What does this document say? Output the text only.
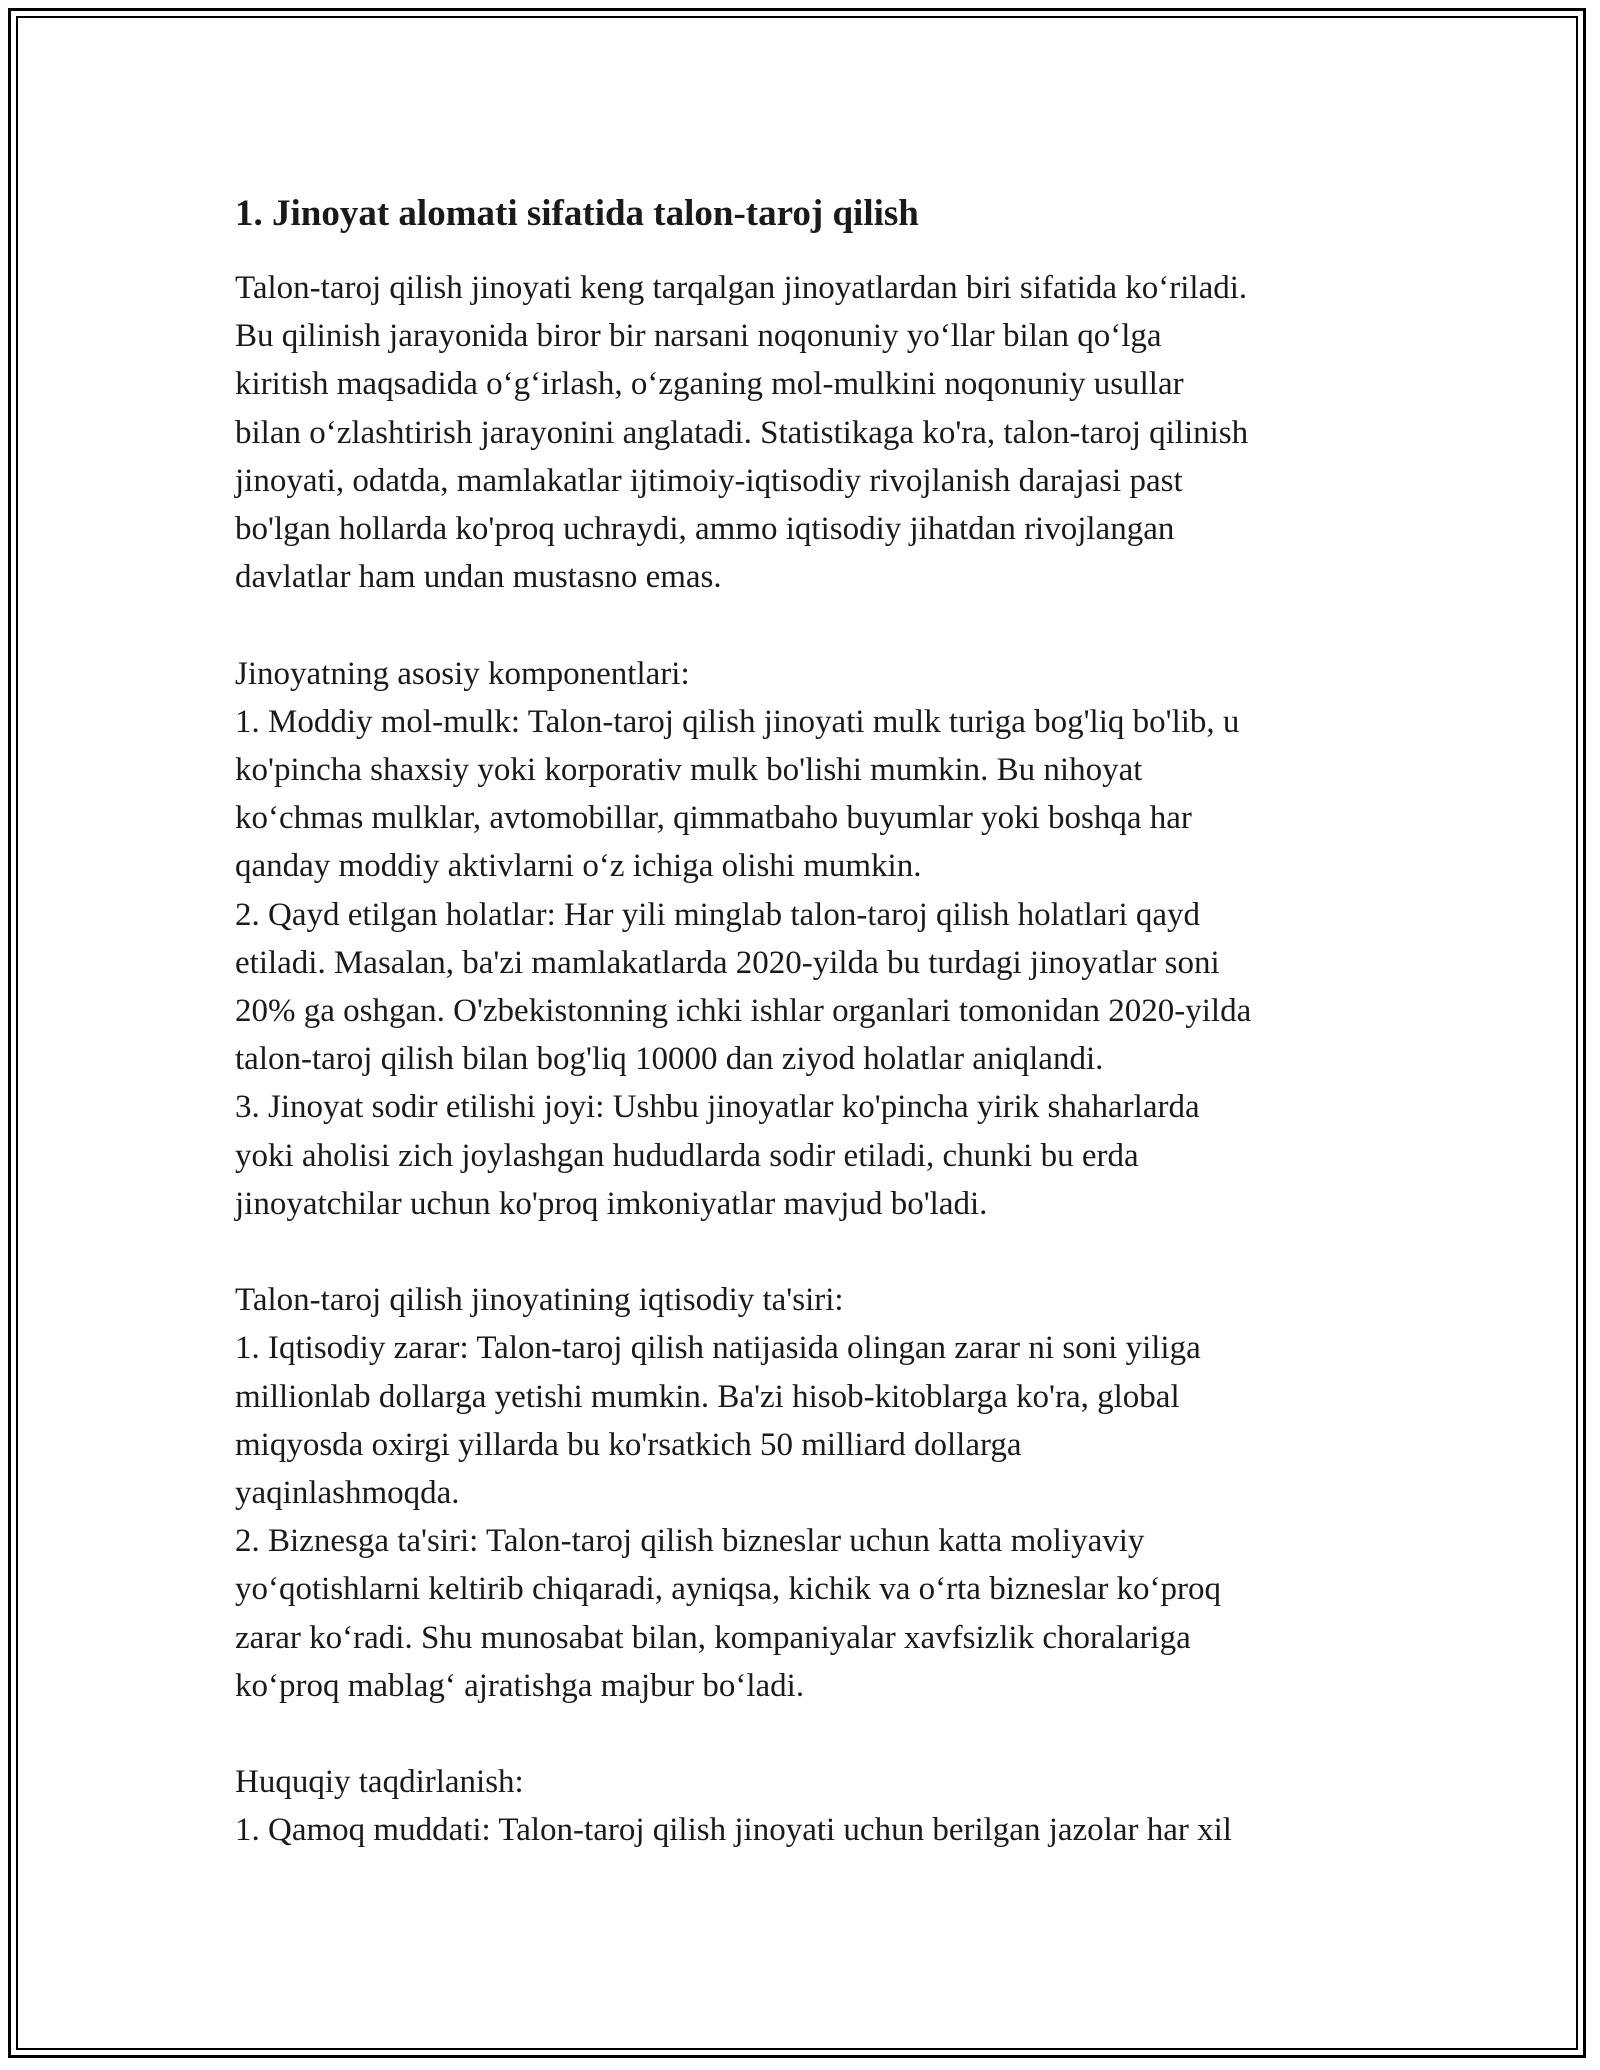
1. Jinoyat alomati sifatida talon-taroj qilish

Talon-taroj qilish jinoyati keng tarqalgan jinoyatlardan biri sifatida ko‘riladi.

Bu qilinish jarayonida biror bir narsani noqonuniy yo‘llar bilan qo‘lga

kiritish maqsadida o‘g‘irlash, o‘zganing mol-mulkini noqonuniy usullar

bilan o‘zlashtirish jarayonini anglatadi. Statistikaga ko'ra, talon-taroj qilinish

jinoyati, odatda, mamlakatlar ijtimoiy-iqtisodiy rivojlanish darajasi past

bo'lgan hollarda ko'proq uchraydi, ammo iqtisodiy jihatdan rivojlangan

davlatlar ham undan mustasno emas.

Jinoyatning asosiy komponentlari:

1. Moddiy mol-mulk: Talon-taroj qilish jinoyati mulk turiga bog'liq bo'lib, u

ko'pincha shaxsiy yoki korporativ mulk bo'lishi mumkin. Bu nihoyat

ko‘chmas mulklar, avtomobillar, qimmatbaho buyumlar yoki boshqa har

qanday moddiy aktivlarni o‘z ichiga olishi mumkin.

2. Qayd etilgan holatlar: Har yili minglab talon-taroj qilish holatlari qayd

etiladi. Masalan, ba'zi mamlakatlarda 2020-yilda bu turdagi jinoyatlar soni

20% ga oshgan. O'zbekistonning ichki ishlar organlari tomonidan 2020-yilda

talon-taroj qilish bilan bog'liq 10000 dan ziyod holatlar aniqlandi.

3. Jinoyat sodir etilishi joyi: Ushbu jinoyatlar ko'pincha yirik shaharlarda

yoki aholisi zich joylashgan hududlarda sodir etiladi, chunki bu erda

jinoyatchilar uchun ko'proq imkoniyatlar mavjud bo'ladi.

Talon-taroj qilish jinoyatining iqtisodiy ta'siri:

1. Iqtisodiy zarar: Talon-taroj qilish natijasida olingan zarar ni soni yiliga

millionlab dollarga yetishi mumkin. Ba'zi hisob-kitoblarga ko'ra, global

miqyosda oxirgi yillarda bu ko'rsatkich 50 milliard dollarga

yaqinlashmoqda.

2. Biznesga ta'siri: Talon-taroj qilish bizneslar uchun katta moliyaviy

yo‘qotishlarni keltirib chiqaradi, ayniqsa, kichik va o‘rta bizneslar ko‘proq

zarar ko‘radi. Shu munosabat bilan, kompaniyalar xavfsizlik choralariga

ko‘proq mablag‘ ajratishga majbur bo‘ladi.

Huquqiy taqdirlanish:

1. Qamoq muddati: Talon-taroj qilish jinoyati uchun berilgan jazolar har xil
